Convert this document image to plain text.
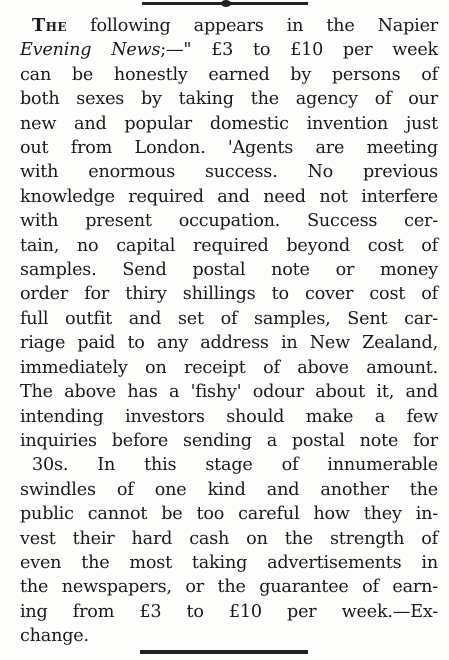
The following appears in the Napier
Evening News;—" £3 to £10 per week
can be honestly earned by persons of
both sexes by taking the agency of our
new and popular domestic invention just
out from London. 'Agents are meeting
with enormous success. No previous
knowledge required and need not interfere
with present occupation. Success cer-
tain, no capital required beyond cost of
samples. Send postal note or money
order for thiry shillings to cover cost of
full outfit and set of samples, Sent car-
riage paid to any address in New Zealand,
immediately on receipt of above amount.
The above has a 'fishy' odour about it, and
intending investors should make a few
inquiries before sending a postal note for
30s. In this stage of innumerable
swindles of one kind and another the
public cannot be too careful how they in-
vest their hard cash on the strength of
even the most taking advertisements in
the newspapers, or the guarantee of earn-
ing from £3 to £10 per week.—Ex-
change.
